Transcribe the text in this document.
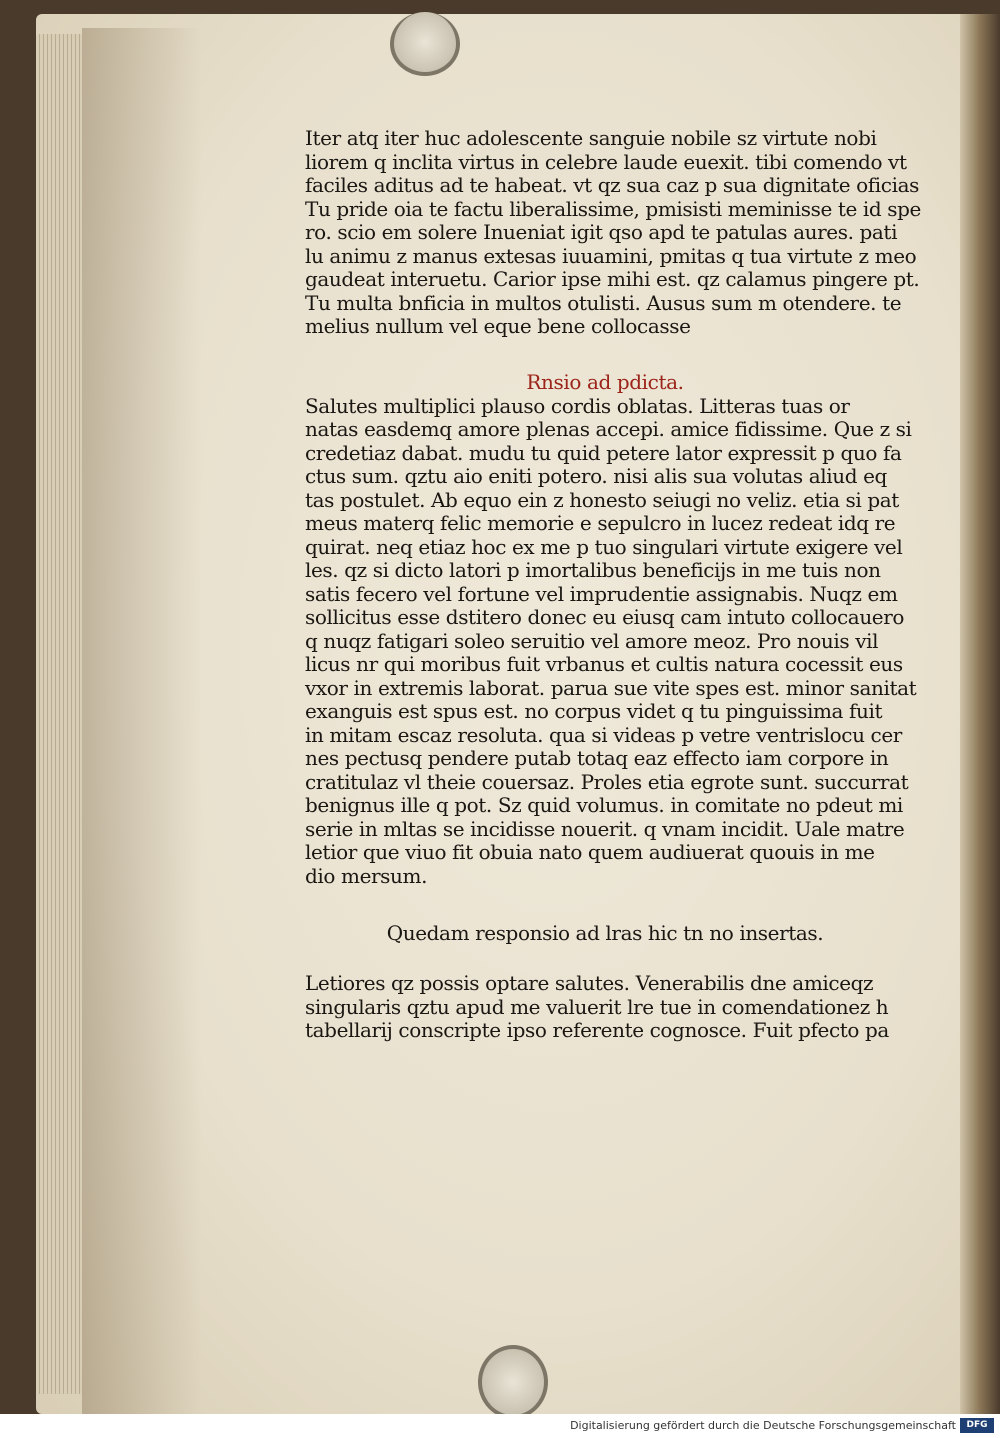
Iter atq iter huc adolescente sanguie nobile sz virtute nobi
liorem q inclita virtus in celebre laude euexit. tibi comendo vt
faciles aditus ad te habeat. vt qz sua caz p sua dignitate oficias
Tu pride oia te factu liberalissime, pmisisti meminisse te id spe
ro. scio em solere Inueniat igit qso apd te patulas aures. pati
lu animu z manus extesas iuuamini, pmitas q tua virtute z meo
gaudeat interuetu. Carior ipse mihi est. qz calamus pingere pt.
Tu multa bnficia in multos otulisti. Ausus sum m otendere. te
melius nullum vel eque bene collocasse
Rnsio ad pdicta.
Salutes multiplici plauso cordis oblatas. Litteras tuas or
natas easdemq amore plenas accepi. amice fidissime. Que z si
credetiaz dabat. mudu tu quid petere lator expressit p quo fa
ctus sum. qztu aio eniti potero. nisi alis sua volutas aliud eq
tas postulet. Ab equo ein z honesto seiugi no veliz. etia si pat
meus materq felic memorie e sepulcro in lucez redeat idq re
quirat. neq etiaz hoc ex me p tuo singulari virtute exigere vel
les. qz si dicto latori p imortalibus beneficijs in me tuis non
satis fecero vel fortune vel imprudentie assignabis. Nuqz em
sollicitus esse dstitero donec eu eiusq cam intuto collocauero
q nuqz fatigari soleo seruitio vel amore meoz. Pro nouis vil
licus nr qui moribus fuit vrbanus et cultis natura cocessit eus
vxor in extremis laborat. parua sue vite spes est. minor sanitat
exanguis est spus est. no corpus videt q tu pinguissima fuit
in mitam escaz resoluta. qua si videas p vetre ventrislocu cer
nes pectusq pendere putab totaq eaz effecto iam corpore in
cratitulaz vl theie couersaz. Proles etia egrote sunt. succurrat
benignus ille q pot. Sz quid volumus. in comitate no pdeut mi
serie in mltas se incidisse nouerit. q vnam incidit. Uale matre
letior que viuo fit obuia nato quem audiuerat quouis in me
dio mersum.
Quedam responsio ad lras hic tn no insertas.
Letiores qz possis optare salutes. Venerabilis dne amiceqz
singularis qztu apud me valuerit lre tue in comendationez h
tabellarij conscripte ipso referente cognosce. Fuit pfecto pa
Digitalisierung gefördert durch die Deutsche Forschungsgemeinschaft	DFG
